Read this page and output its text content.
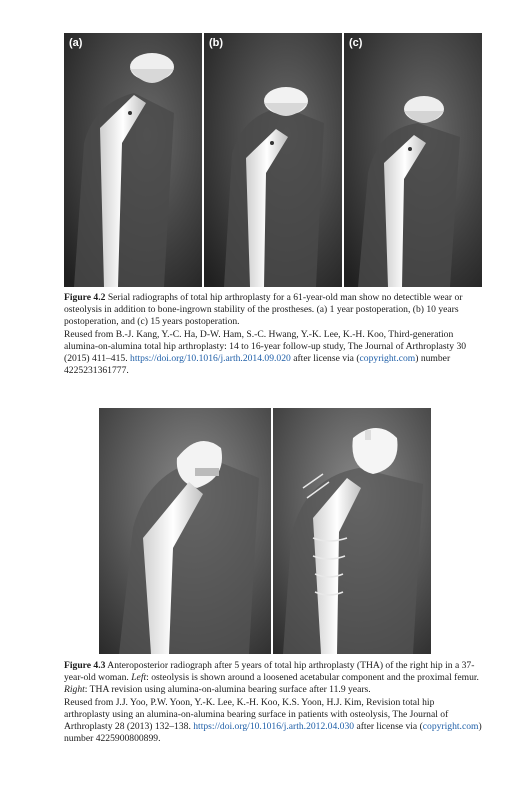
(a)	(b)	(c)

Figure 4.2 Serial radiographs of total hip arthroplasty for a 61-year-old man show no detectible wear or osteolysis in addition to bone-ingrown stability of the prostheses. (a) 1 year postoperation, (b) 10 years postoperation, and (c) 15 years postoperation.

Reused from B.-J. Kang, Y.-C. Ha, D-W. Ham, S.-C. Hwang, Y.-K. Lee, K.-H. Koo, Third-generation alumina-on-alumina total hip arthroplasty: 14 to 16-year follow-up study, The Journal of Arthroplasty 30 (2015) 411–415. https://doi.org/10.1016/j.arth.2014.09.020 after license via (copyright.com) number 4225231361777.

Figure 4.3 Anteroposterior radiograph after 5 years of total hip arthroplasty (THA) of the right hip in a 37-year-old woman. Left: osteolysis is shown around a loosened acetabular component and the proximal femur. Right: THA revision using alumina-on-alumina bearing surface after 11.9 years.

Reused from J.J. Yoo, P.W. Yoon, Y.-K. Lee, K.-H. Koo, K.S. Yoon, H.J. Kim, Revision total hip arthroplasty using an alumina-on-alumina bearing surface in patients with osteolysis, The Journal of Arthroplasty 28 (2013) 132–138. https://doi.org/10.1016/j.arth.2012.04.030 after license via (copyright.com) number 4225900800899.
